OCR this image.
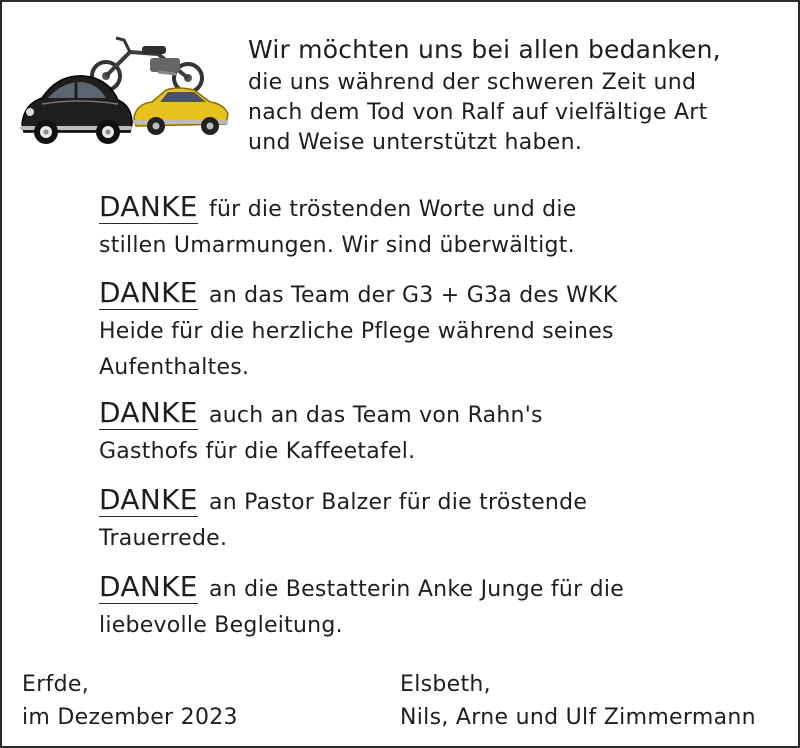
Wir möchten uns bei allen bedanken,
die uns während der schweren Zeit und
nach dem Tod von Ralf auf vielfältige Art
und Weise unterstützt haben.

DANKE für die tröstenden Worte und die

stillen Umarmungen. Wir sind überwältigt.

DANKE an das Team der G3 + G3a des WKK

Heide für die herzliche Pflege während seines

Aufenthaltes.

DANKE auch an das Team von Rahn's

Gasthofs für die Kaffeetafel.

DANKE an Pastor Balzer für die tröstende

Trauerrede.

DANKE an die Bestatterin Anke Junge für die

liebevolle Begleitung.

Erfde,
im Dezember 2023
Elsbeth,
Nils, Arne und Ulf Zimmermann
